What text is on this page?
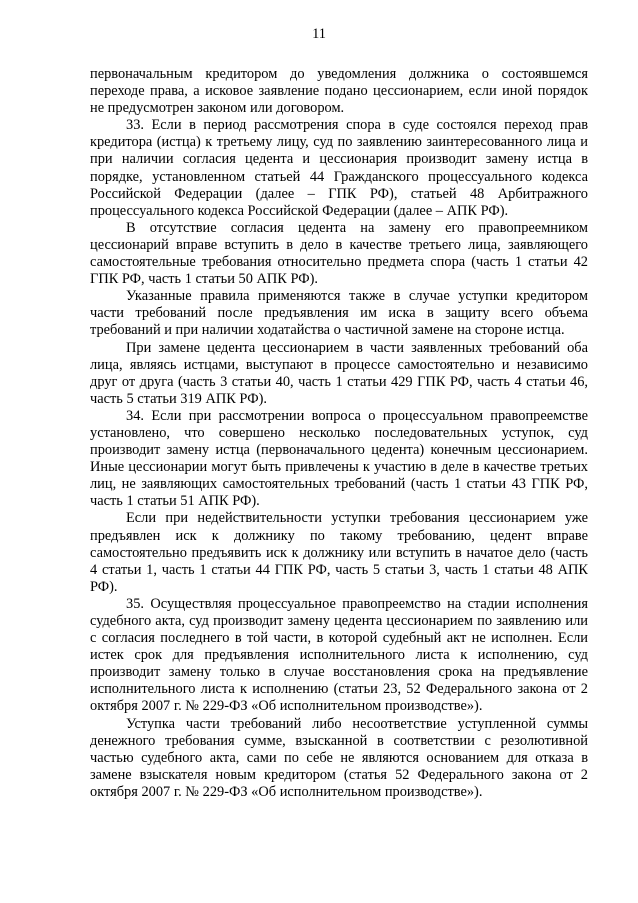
11

первоначальным кредитором до уведомления должника о состоявшемся переходе права, а исковое заявление подано цессионарием, если иной порядок не предусмотрен законом или договором.

33. Если в период рассмотрения спора в суде состоялся переход прав кредитора (истца) к третьему лицу, суд по заявлению заинтересованного лица и при наличии согласия цедента и цессионария производит замену истца в порядке, установленном статьей 44 Гражданского процессуального кодекса Российской Федерации (далее – ГПК РФ), статьей 48 Арбитражного процессуального кодекса Российской Федерации (далее – АПК РФ).

В отсутствие согласия цедента на замену его правопреемником цессионарий вправе вступить в дело в качестве третьего лица, заявляющего самостоятельные требования относительно предмета спора (часть 1 статьи 42 ГПК РФ, часть 1 статьи 50 АПК РФ).

Указанные правила применяются также в случае уступки кредитором части требований после предъявления им иска в защиту всего объема требований и при наличии ходатайства о частичной замене на стороне истца.

При замене цедента цессионарием в части заявленных требований оба лица, являясь истцами, выступают в процессе самостоятельно и независимо друг от друга (часть 3 статьи 40, часть 1 статьи 429 ГПК РФ, часть 4 статьи 46, часть 5 статьи 319 АПК РФ).

34. Если при рассмотрении вопроса о процессуальном правопреемстве установлено, что совершено несколько последовательных уступок, суд производит замену истца (первоначального цедента) конечным цессионарием. Иные цессионарии могут быть привлечены к участию в деле в качестве третьих лиц, не заявляющих самостоятельных требований (часть 1 статьи 43 ГПК РФ, часть 1 статьи 51 АПК РФ).

Если при недействительности уступки требования цессионарием уже предъявлен иск к должнику по такому требованию, цедент вправе самостоятельно предъявить иск к должнику или вступить в начатое дело (часть 4 статьи 1, часть 1 статьи 44 ГПК РФ, часть 5 статьи 3, часть 1 статьи 48 АПК РФ).

35. Осуществляя процессуальное правопреемство на стадии исполнения судебного акта, суд производит замену цедента цессионарием по заявлению или с согласия последнего в той части, в которой судебный акт не исполнен. Если истек срок для предъявления исполнительного листа к исполнению, суд производит замену только в случае восстановления срока на предъявление исполнительного листа к исполнению (статьи 23, 52 Федерального закона от 2 октября 2007 г. № 229-ФЗ «Об исполнительном производстве»).

Уступка части требований либо несоответствие уступленной суммы денежного требования сумме, взысканной в соответствии с резолютивной частью судебного акта, сами по себе не являются основанием для отказа в замене взыскателя новым кредитором (статья 52 Федерального закона от 2 октября 2007 г. № 229-ФЗ «Об исполнительном производстве»).
